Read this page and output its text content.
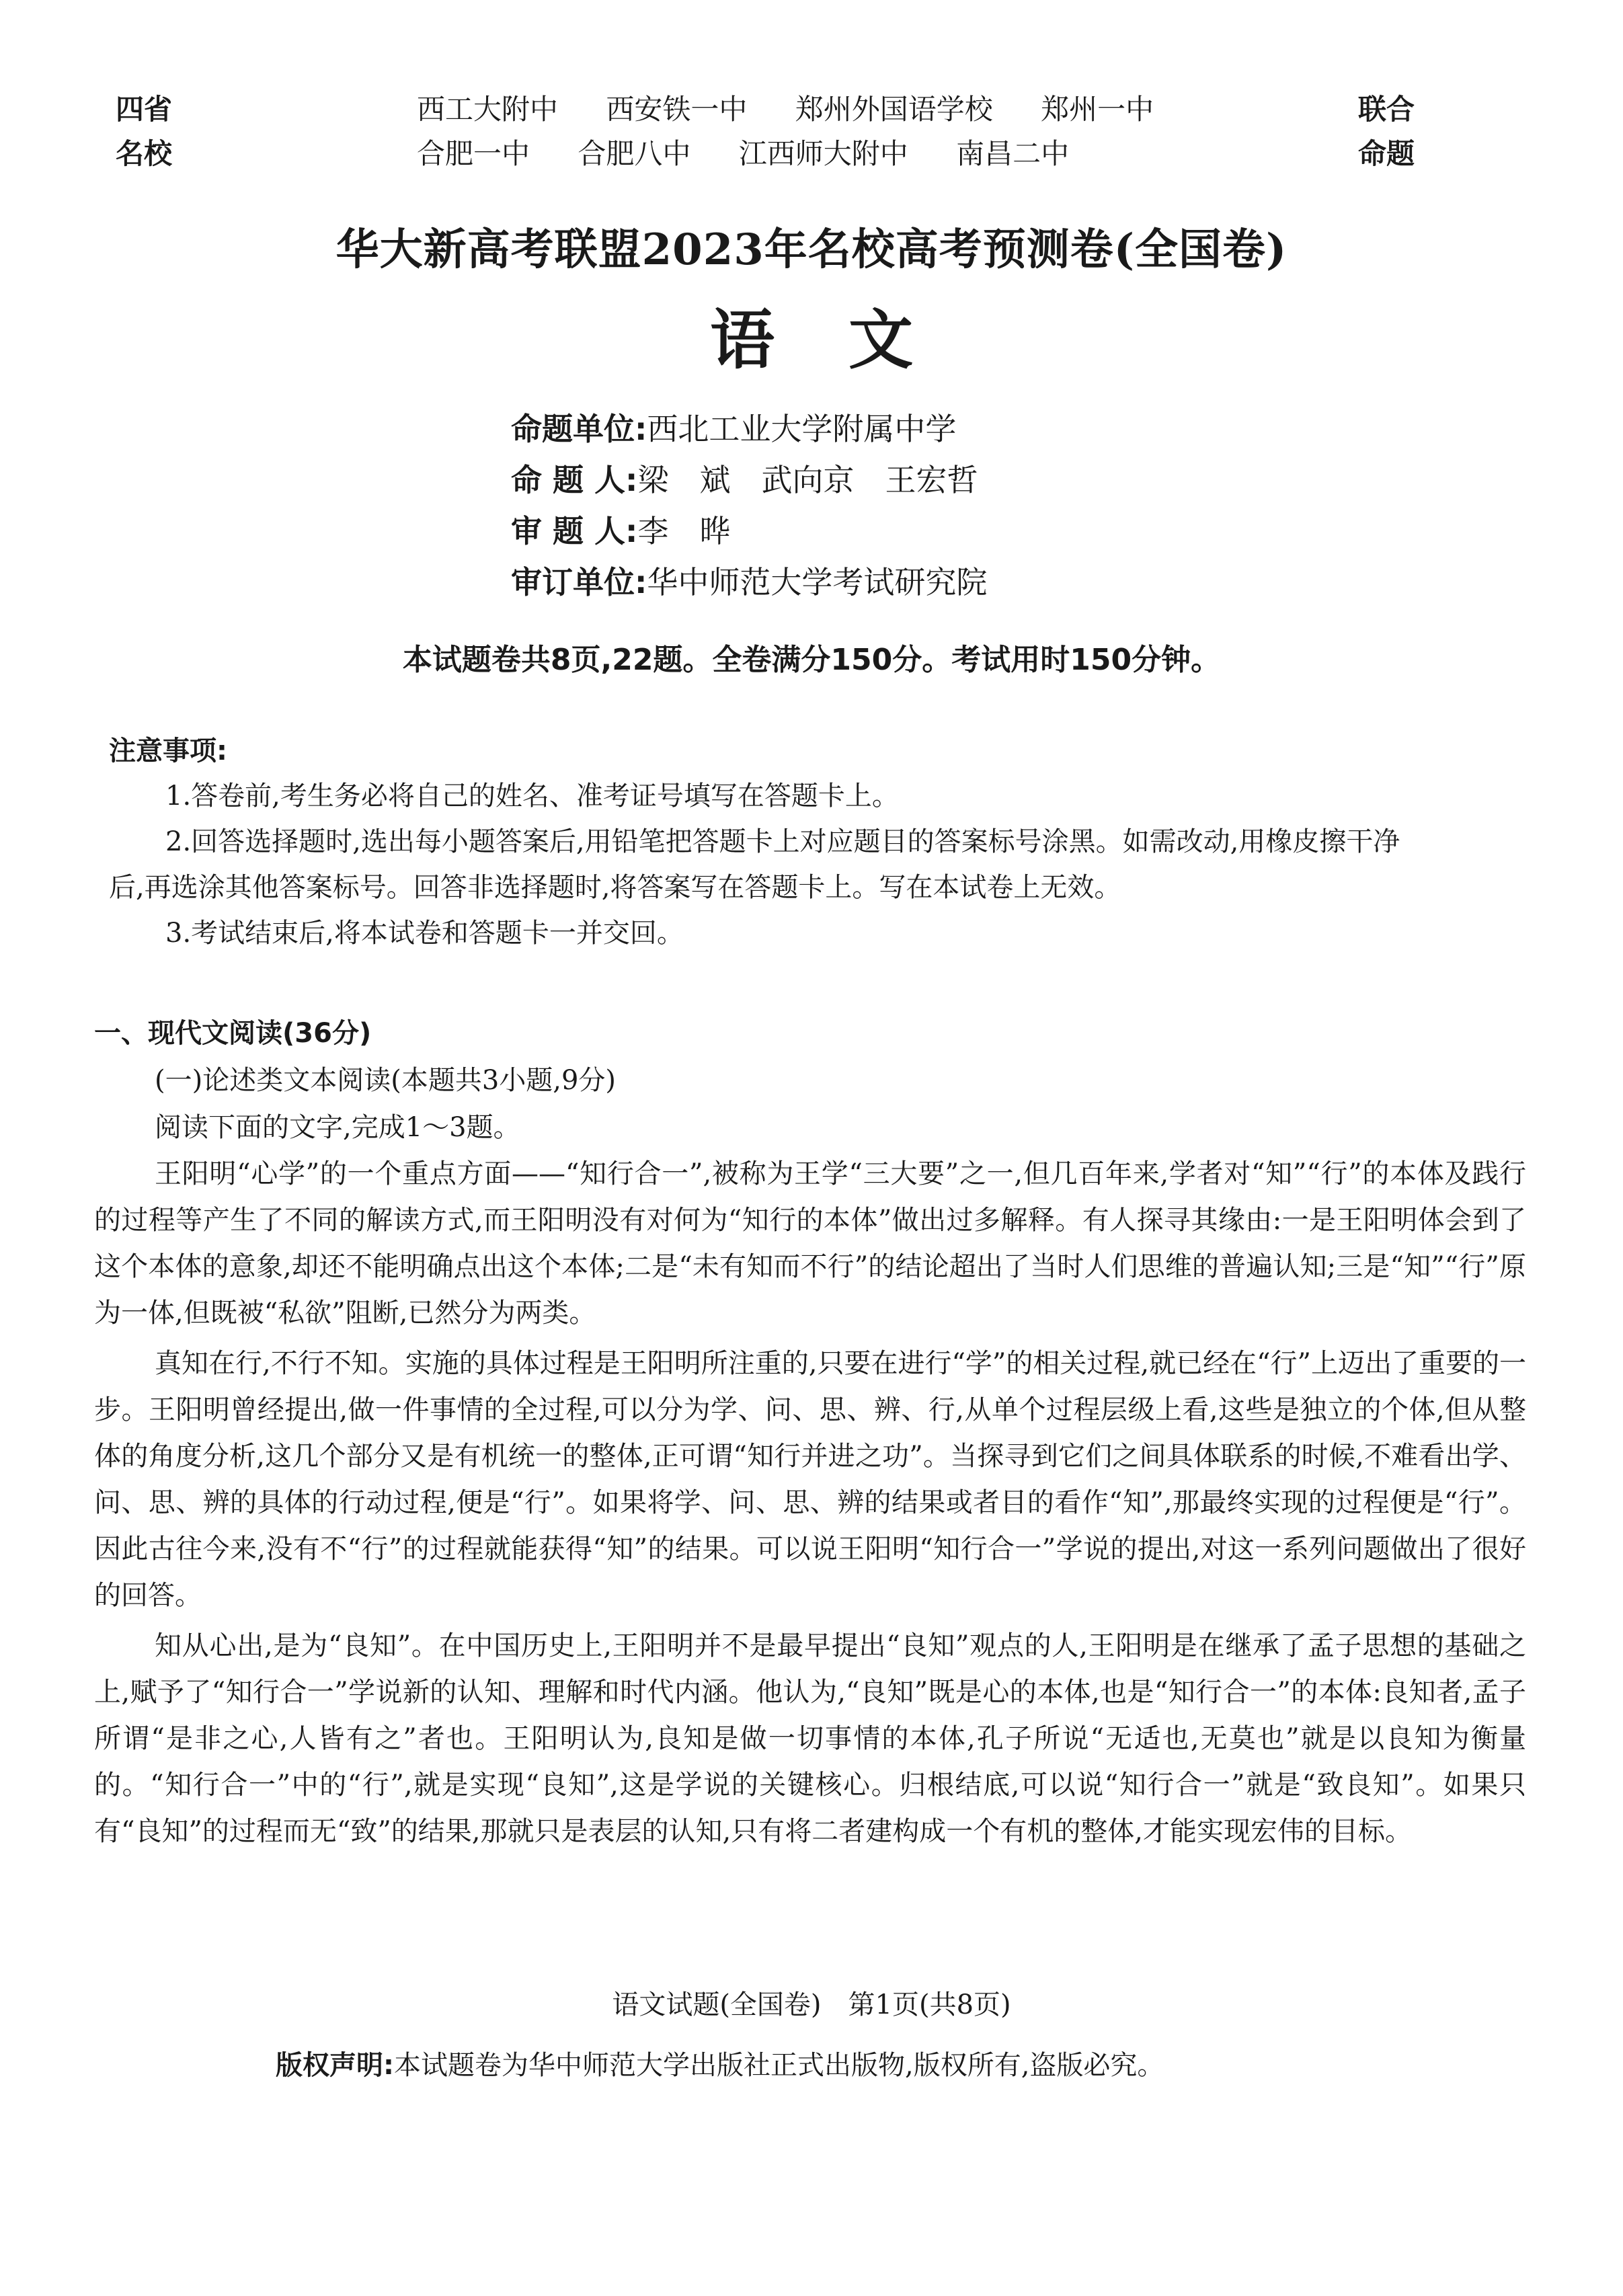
四省
名校
西工大附中 西安铁一中 郑州外国语学校 郑州一中
合肥一中 合肥八中 江西师大附中 南昌二中
联合
命题
华大新高考联盟2023年名校高考预测卷(全国卷)
语文
命题单位:西北工业大学附属中学
命 题 人:梁　斌　武向京　王宏哲
审 题 人:李　晔
审订单位:华中师范大学考试研究院
本试题卷共8页,22题。全卷满分150分。考试用时150分钟。
注意事项:

1.答卷前,考生务必将自己的姓名、准考证号填写在答题卡上。

2.回答选择题时,选出每小题答案后,用铅笔把答题卡上对应题目的答案标号涂黑。如需改动,用橡皮擦干净后,再选涂其他答案标号。回答非选择题时,将答案写在答题卡上。写在本试卷上无效。

3.考试结束后,将本试卷和答题卡一并交回。

一、现代文阅读(36分)
(一)论述类文本阅读(本题共3小题,9分)
阅读下面的文字,完成1～3题。

王阳明“心学”的一个重点方面——“知行合一”,被称为王学“三大要”之一,但几百年来,学者对“知”“行”的本体及践行的过程等产生了不同的解读方式,而王阳明没有对何为“知行的本体”做出过多解释。有人探寻其缘由:一是王阳明体会到了这个本体的意象,却还不能明确点出这个本体;二是“未有知而不行”的结论超出了当时人们思维的普遍认知;三是“知”“行”原为一体,但既被“私欲”阻断,已然分为两类。

真知在行,不行不知。实施的具体过程是王阳明所注重的,只要在进行“学”的相关过程,就已经在“行”上迈出了重要的一步。王阳明曾经提出,做一件事情的全过程,可以分为学、问、思、辨、行,从单个过程层级上看,这些是独立的个体,但从整体的角度分析,这几个部分又是有机统一的整体,正可谓“知行并进之功”。当探寻到它们之间具体联系的时候,不难看出学、问、思、辨的具体的行动过程,便是“行”。如果将学、问、思、辨的结果或者目的看作“知”,那最终实现的过程便是“行”。因此古往今来,没有不“行”的过程就能获得“知”的结果。可以说王阳明“知行合一”学说的提出,对这一系列问题做出了很好的回答。

知从心出,是为“良知”。在中国历史上,王阳明并不是最早提出“良知”观点的人,王阳明是在继承了孟子思想的基础之上,赋予了“知行合一”学说新的认知、理解和时代内涵。他认为,“良知”既是心的本体,也是“知行合一”的本体:良知者,孟子所谓“是非之心,人皆有之”者也。王阳明认为,良知是做一切事情的本体,孔子所说“无适也,无莫也”就是以良知为衡量的。“知行合一”中的“行”,就是实现“良知”,这是学说的关键核心。归根结底,可以说“知行合一”就是“致良知”。如果只有“良知”的过程而无“致”的结果,那就只是表层的认知,只有将二者建构成一个有机的整体,才能实现宏伟的目标。

语文试题(全国卷)　第1页(共8页)
版权声明:本试题卷为华中师范大学出版社正式出版物,版权所有,盗版必究。
